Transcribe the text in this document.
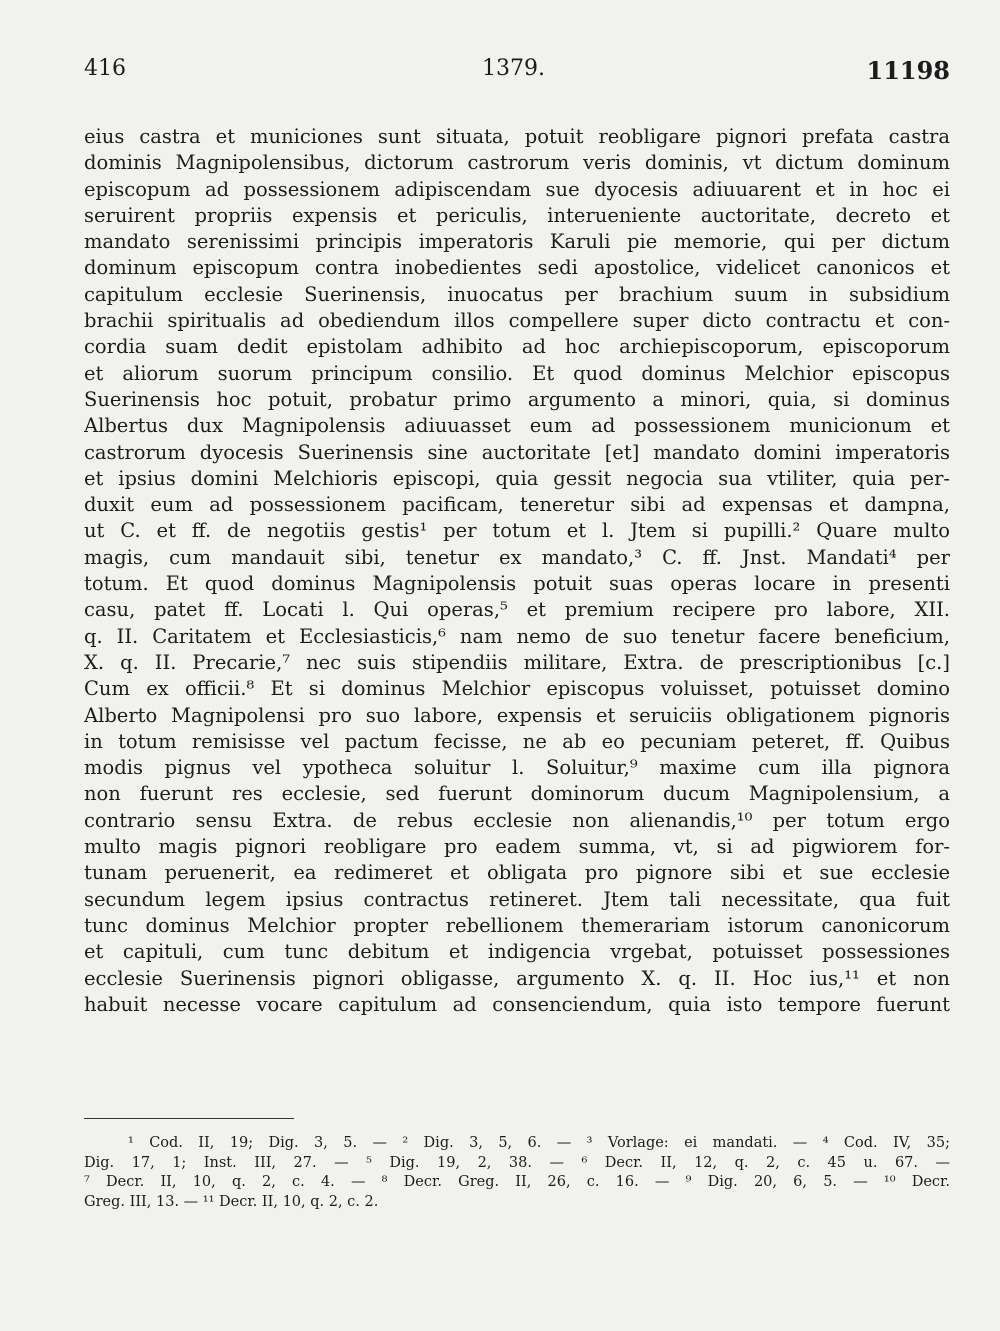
416	1379.	11198
eius castra et municiones sunt situata, potuit reobligare pignori prefata castra
dominis Magnipolensibus, dictorum castrorum veris dominis, vt dictum dominum
episcopum ad possessionem adipiscendam sue dyocesis adiuuarent et in hoc ei
seruirent propriis expensis et periculis, interueniente auctoritate, decreto et
mandato serenissimi principis imperatoris Karuli pie memorie, qui per dictum
dominum episcopum contra inobedientes sedi apostolice, videlicet canonicos et
capitulum ecclesie Suerinensis, inuocatus per brachium suum in subsidium
brachii spiritualis ad obediendum illos compellere super dicto contractu et con-
cordia suam dedit epistolam adhibito ad hoc archiepiscoporum, episcoporum
et aliorum suorum principum consilio. Et quod dominus Melchior episcopus
Suerinensis hoc potuit, probatur primo argumento a minori, quia, si dominus
Albertus dux Magnipolensis adiuuasset eum ad possessionem municionum et
castrorum dyocesis Suerinensis sine auctoritate [et] mandato domini imperatoris
et ipsius domini Melchioris episcopi, quia gessit negocia sua vtiliter, quia per-
duxit eum ad possessionem pacificam, teneretur sibi ad expensas et dampna,
ut C. et ff. de negotiis gestis¹ per totum et l. Jtem si pupilli.² Quare multo
magis, cum mandauit sibi, tenetur ex mandato,³ C. ff. Jnst. Mandati⁴ per
totum. Et quod dominus Magnipolensis potuit suas operas locare in presenti
casu, patet ff. Locati l. Qui operas,⁵ et premium recipere pro labore, XII.
q. II. Caritatem et Ecclesiasticis,⁶ nam nemo de suo tenetur facere beneficium,
X. q. II. Precarie,⁷ nec suis stipendiis militare, Extra. de prescriptionibus [c.]
Cum ex officii.⁸ Et si dominus Melchior episcopus voluisset, potuisset domino
Alberto Magnipolensi pro suo labore, expensis et seruiciis obligationem pignoris
in totum remisisse vel pactum fecisse, ne ab eo pecuniam peteret, ff. Quibus
modis pignus vel ypotheca soluitur l. Soluitur,⁹ maxime cum illa pignora
non fuerunt res ecclesie, sed fuerunt dominorum ducum Magnipolensium, a
contrario sensu Extra. de rebus ecclesie non alienandis,¹⁰ per totum ergo
multo magis pignori reobligare pro eadem summa, vt, si ad pigwiorem for-
tunam peruenerit, ea redimeret et obligata pro pignore sibi et sue ecclesie
secundum legem ipsius contractus retineret. Jtem tali necessitate, qua fuit
tunc dominus Melchior propter rebellionem themerariam istorum canonicorum
et capituli, cum tunc debitum et indigencia vrgebat, potuisset possessiones
ecclesie Suerinensis pignori obligasse, argumento X. q. II. Hoc ius,¹¹ et non
habuit necesse vocare capitulum ad consenciendum, quia isto tempore fuerunt
¹ Cod. II, 19; Dig. 3, 5. — ² Dig. 3, 5, 6. — ³ Vorlage: ei mandati. — ⁴ Cod. IV, 35;
Dig. 17, 1; Inst. III, 27. — ⁵ Dig. 19, 2, 38. — ⁶ Decr. II, 12, q. 2, c. 45 u. 67. —
⁷ Decr. II, 10, q. 2, c. 4. — ⁸ Decr. Greg. II, 26, c. 16. — ⁹ Dig. 20, 6, 5. — ¹⁰ Decr.
Greg. III, 13. — ¹¹ Decr. II, 10, q. 2, c. 2.
